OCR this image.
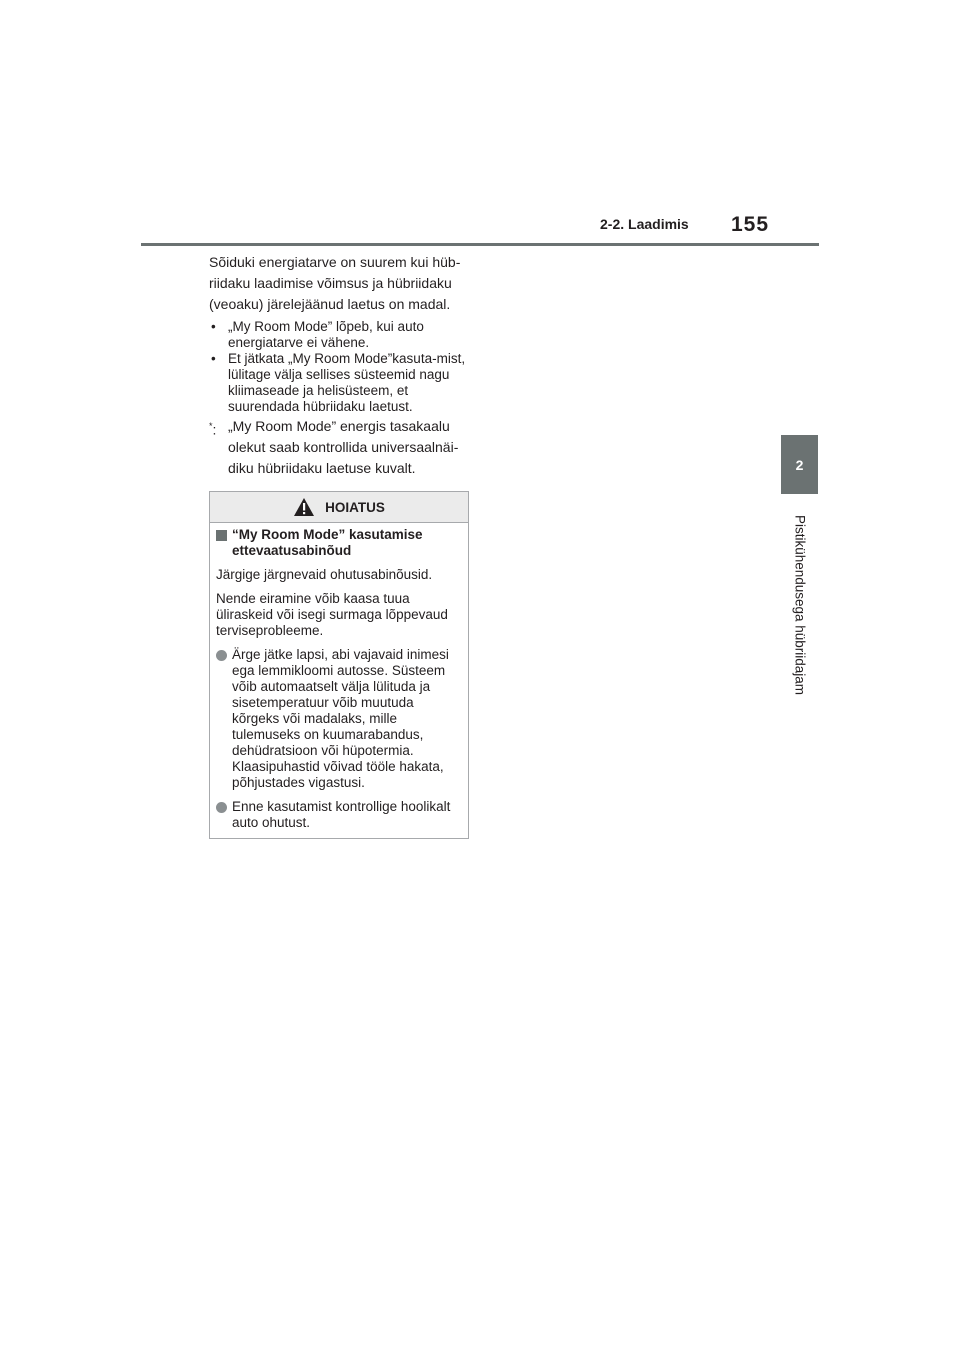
2-2. Laadimis 155
2
Pistikühendusega hübriidajam

Sõiduki energiatarve on suurem kui hüb-riidaku laadimise võimsus ja hübriidaku (veoaku) järelejäänud laetus on madal.

• „My Room Mode” lõpeb, kui auto energiatarve ei vähene.
• Et jätkata „My Room Mode”kasuta-mist, lülitage välja sellises süsteemid nagu kliimaseade ja helisüsteem, et suurendada hübriidaku laetust.
*: „My Room Mode” energis tasakaalu olekut saab kontrollida universaalnäi-diku hübriidaku laetuse kuvalt.
HOIATUS
“My Room Mode” kasutamise ettevaatusabinõud

Järgige järgnevaid ohutusabinõusid.

Nende eiramine võib kaasa tuua üliraskeid või isegi surmaga lõppevaud terviseprobleeme.

Ärge jätke lapsi, abi vajavaid inimesi ega lemmikloomi autosse. Süsteem võib automaatselt välja lülituda ja sisetemperatuur võib muutuda kõrgeks või madalaks, mille tulemuseks on kuumarabandus, dehüdratsioon või hüpotermia. Klaasipuhastid võivad tööle hakata, põhjustades vigastusi.
Enne kasutamist kontrollige hoolikalt auto ohutust.
